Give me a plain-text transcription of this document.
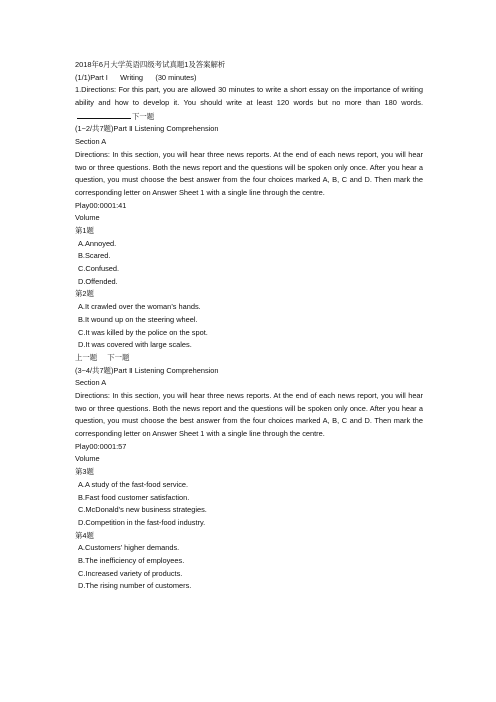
2018年6月大学英语四级考试真题1及答案解析
(1/1)Part I      Writing      (30 minutes)
1.Directions: For this part, you are allowed 30 minutes to write a short essay on the importance of writing ability and how to develop it. You should write at least 120 words but no more than 180 words.下一题
(1~2/共7题)Part Ⅱ Listening Comprehension
Section A
Directions: In this section, you will hear three news reports. At the end of each news report, you will hear two or three questions. Both the news report and the questions will be spoken only once. After you hear a question, you must choose the best answer from the four choices marked A, B, C and D. Then mark the corresponding letter on Answer Sheet 1 with a single line through the centre.
Play00:0001:41
Volume
第1题
A.Annoyed.
B.Scared.
C.Confused.
D.Offended.
第2题
A.It crawled over the woman’s hands.
B.It wound up on the steering wheel.
C.It was killed by the police on the spot.
D.It was covered with large scales.
上一题 下一题
(3~4/共7题)Part Ⅱ Listening Comprehension
Section A
Directions: In this section, you will hear three news reports. At the end of each news report, you will hear two or three questions. Both the news report and the questions will be spoken only once. After you hear a question, you must choose the best answer from the four choices marked A, B, C and D. Then mark the corresponding letter on Answer Sheet 1 with a single line through the centre.
Play00:0001:57
Volume
第3题
A.A study of the fast-food service.
B.Fast food customer satisfaction.
C.McDonald’s new business strategies.
D.Competition in the fast-food industry.
第4题
A.Customers’ higher demands.
B.The inefficiency of employees.
C.Increased variety of products.
D.The rising number of customers.
